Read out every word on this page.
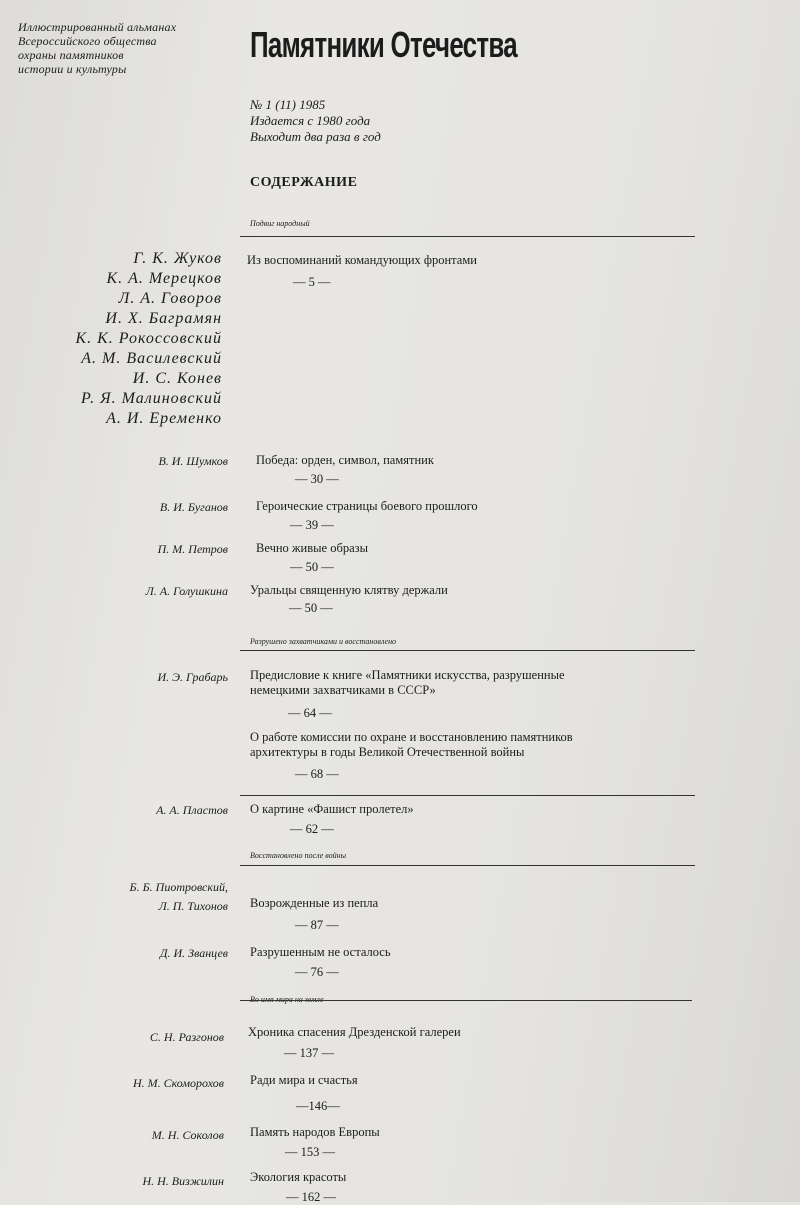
Иллюстрированный альманах
Всероссийского общества
охраны памятников
истории и культуры
Памятники Отечества
№ 1 (11) 1985
Издается с 1980 года
Выходит два раза в год
СОДЕРЖАНИЕ
Подвиг народный
Г. К. Жуков
К. А. Мерецков
Л. А. Говоров
И. Х. Баграмян
К. К. Рокоссовский
А. М. Василевский
И. С. Конев
Р. Я. Малиновский
А. И. Еременко
Из воспоминаний командующих фронтами
— 5 —
В. И. Шумков Победа: орден, символ, памятник
— 30 —
В. И. Буганов Героические страницы боевого прошлого
— 39 —
П. М. Петров Вечно живые образы
— 50 —
Л. А. Голушкина Уральцы священную клятву держали
— 50 —
Разрушено захватчиками и восстановлено
И. Э. Грабарь Предисловие к книге «Памятники искусства, разрушенные
немецкими захватчиками в СССР»
— 64 —
О работе комиссии по охране и восстановлению памятников
архитектуры в годы Великой Отечественной войны
— 68 —
А. А. Пластов О картине «Фашист пролетел»
— 62 —
Восстановлено после войны
Б. Б. Пиотровский,
Л. П. Тихонов Возрожденные из пепла
— 87 —
Д. И. Званцев Разрушенным не осталось
— 76 —
Во имя мира на земле
С. Н. Разгонов Хроника спасения Дрезденской галереи
— 137 —
Н. М. Скоморохов Ради мира и счастья
—146—
М. Н. Соколов Память народов Европы
— 153 —
Н. Н. Визжилин Экология красоты
— 162 —
